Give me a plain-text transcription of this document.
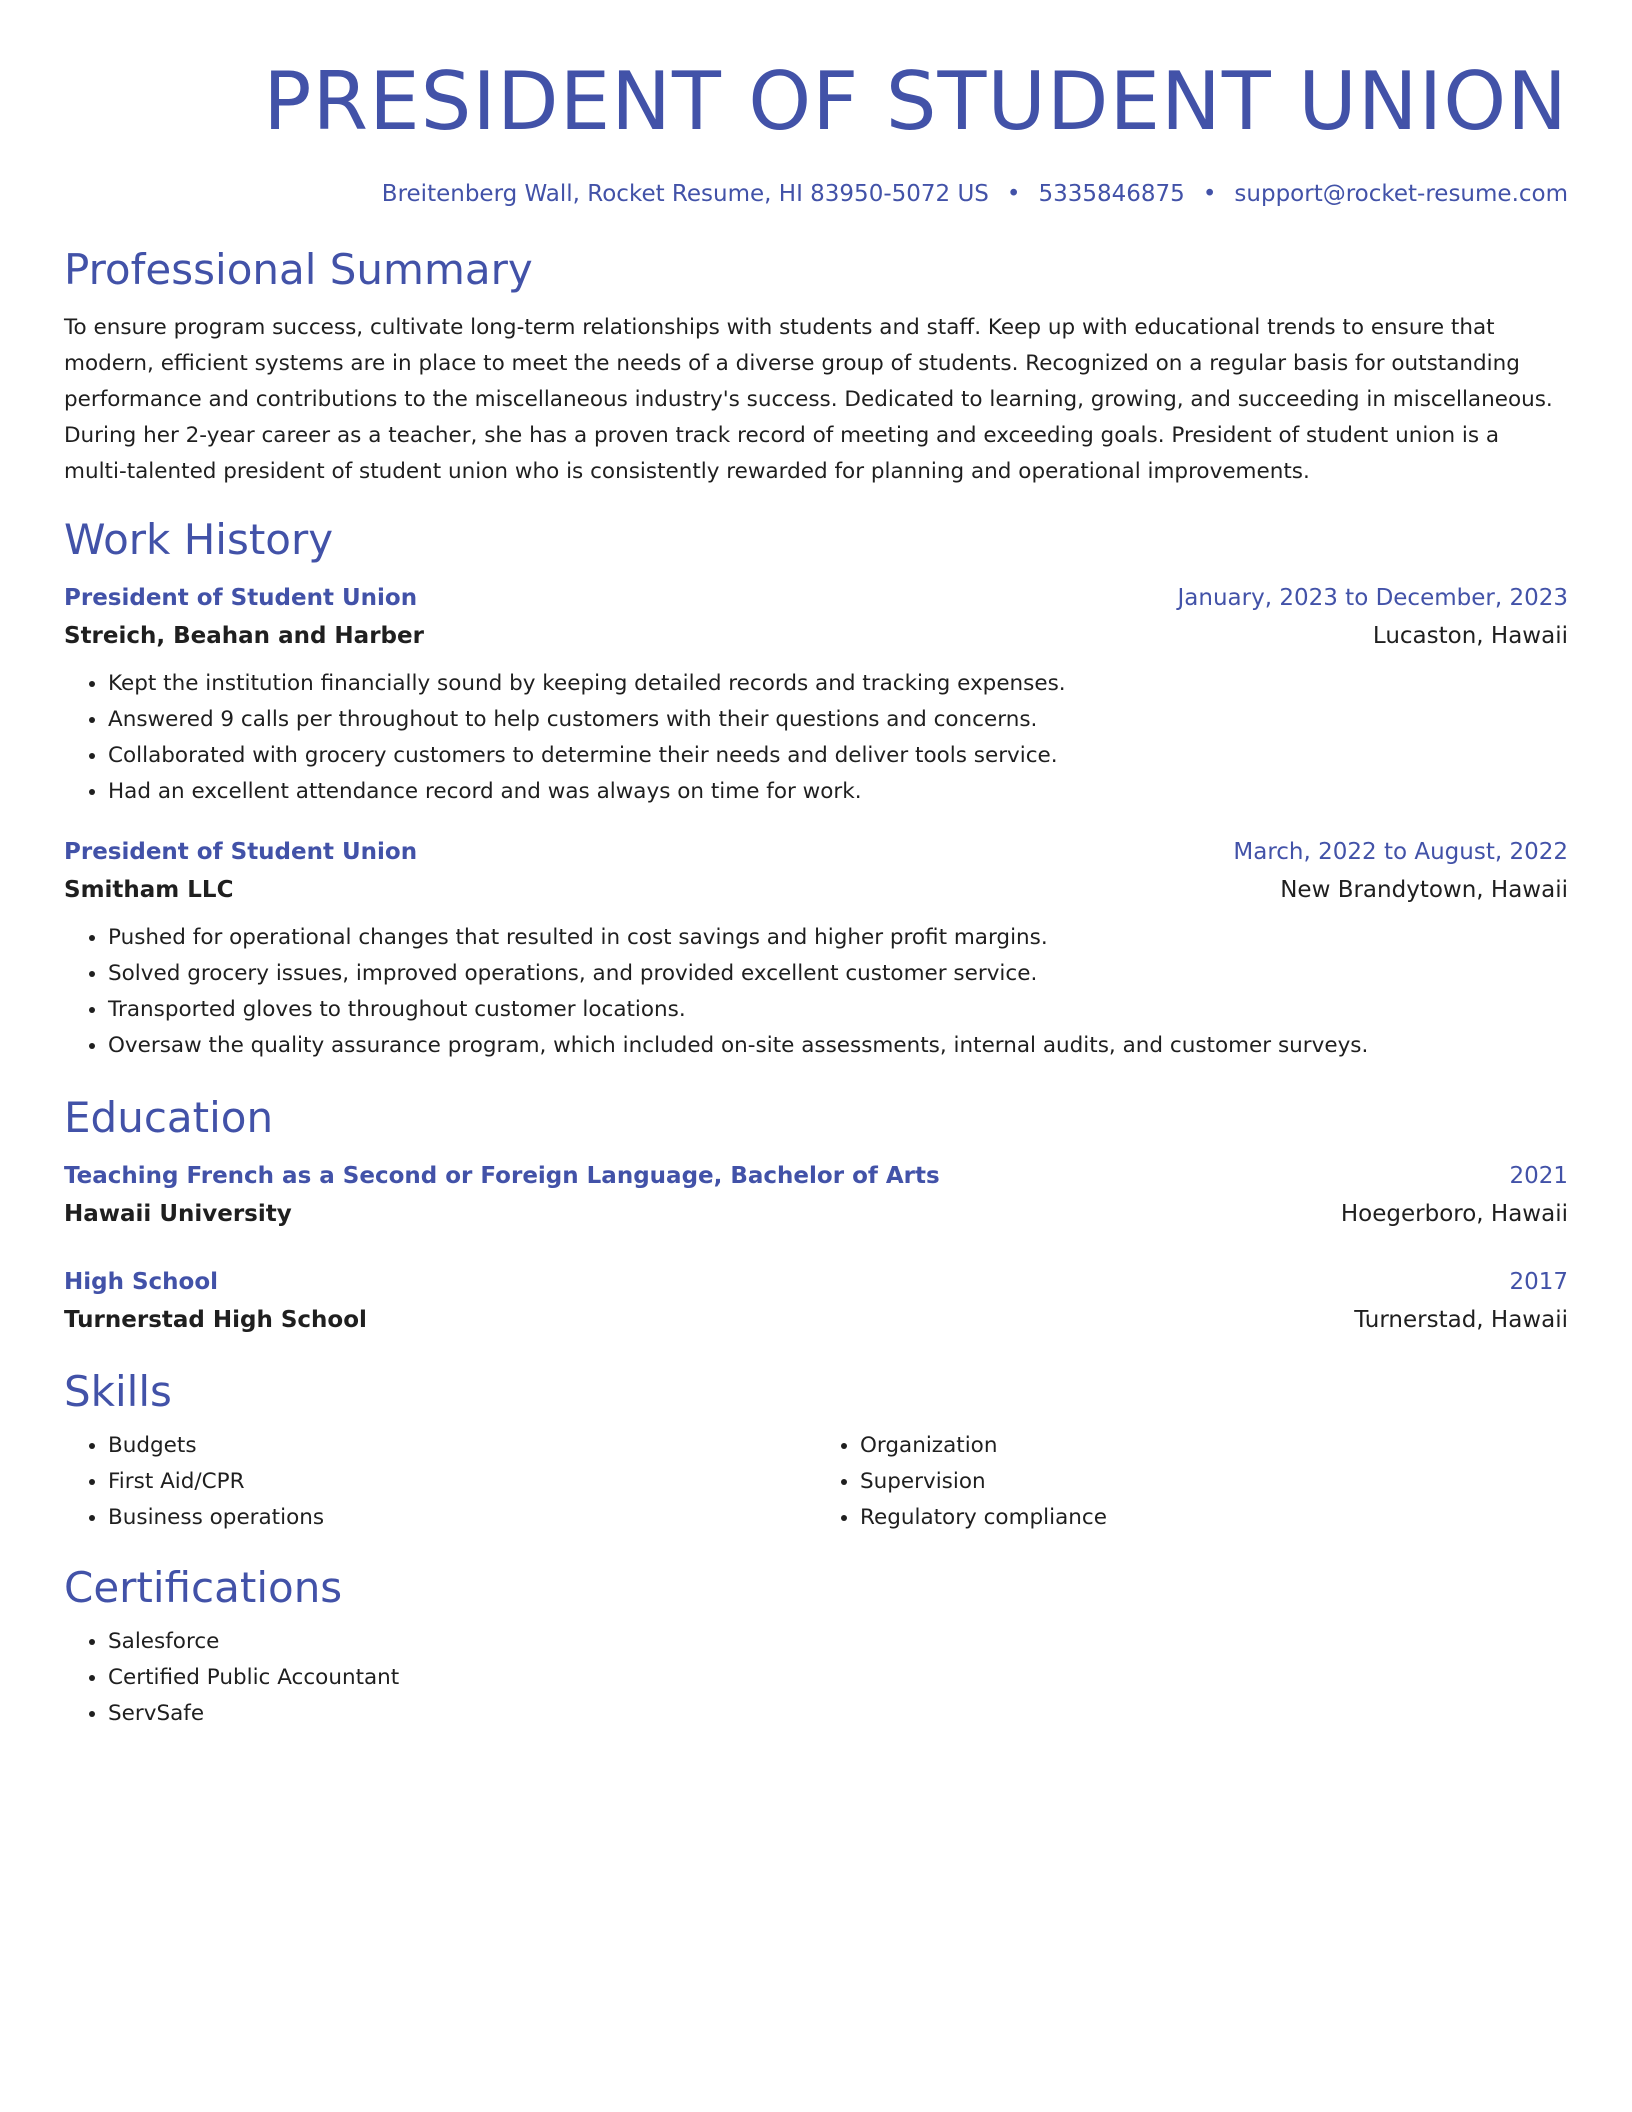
PRESIDENT OF STUDENT UNION
Breitenberg Wall, Rocket Resume, HI 83950-5072 US • 5335846875 • support@rocket-resume.com
Professional Summary

To ensure program success, cultivate long-term relationships with students and staff. Keep up with educational trends to ensure that modern, efficient systems are in place to meet the needs of a diverse group of students. Recognized on a regular basis for outstanding performance and contributions to the miscellaneous industry's success. Dedicated to learning, growing, and succeeding in miscellaneous. During her 2-year career as a teacher, she has a proven track record of meeting and exceeding goals. President of student union is a multi-talented president of student union who is consistently rewarded for planning and operational improvements.

Work History
President of Student Union	January, 2023 to December, 2023
Streich, Beahan and Harber	Lucaston, Hawaii
• Kept the institution financially sound by keeping detailed records and tracking expenses.
• Answered 9 calls per throughout to help customers with their questions and concerns.
• Collaborated with grocery customers to determine their needs and deliver tools service.
• Had an excellent attendance record and was always on time for work.
President of Student Union	March, 2022 to August, 2022
Smitham LLC	New Brandytown, Hawaii
• Pushed for operational changes that resulted in cost savings and higher profit margins.
• Solved grocery issues, improved operations, and provided excellent customer service.
• Transported gloves to throughout customer locations.
• Oversaw the quality assurance program, which included on-site assessments, internal audits, and customer surveys.
Education
Teaching French as a Second or Foreign Language, Bachelor of Arts	2021
Hawaii University	Hoegerboro, Hawaii
High School	2017
Turnerstad High School	Turnerstad, Hawaii
Skills
• Budgets
• First Aid/CPR
• Business operations
• Organization
• Supervision
• Regulatory compliance
Certifications
• Salesforce
• Certified Public Accountant
• ServSafe
